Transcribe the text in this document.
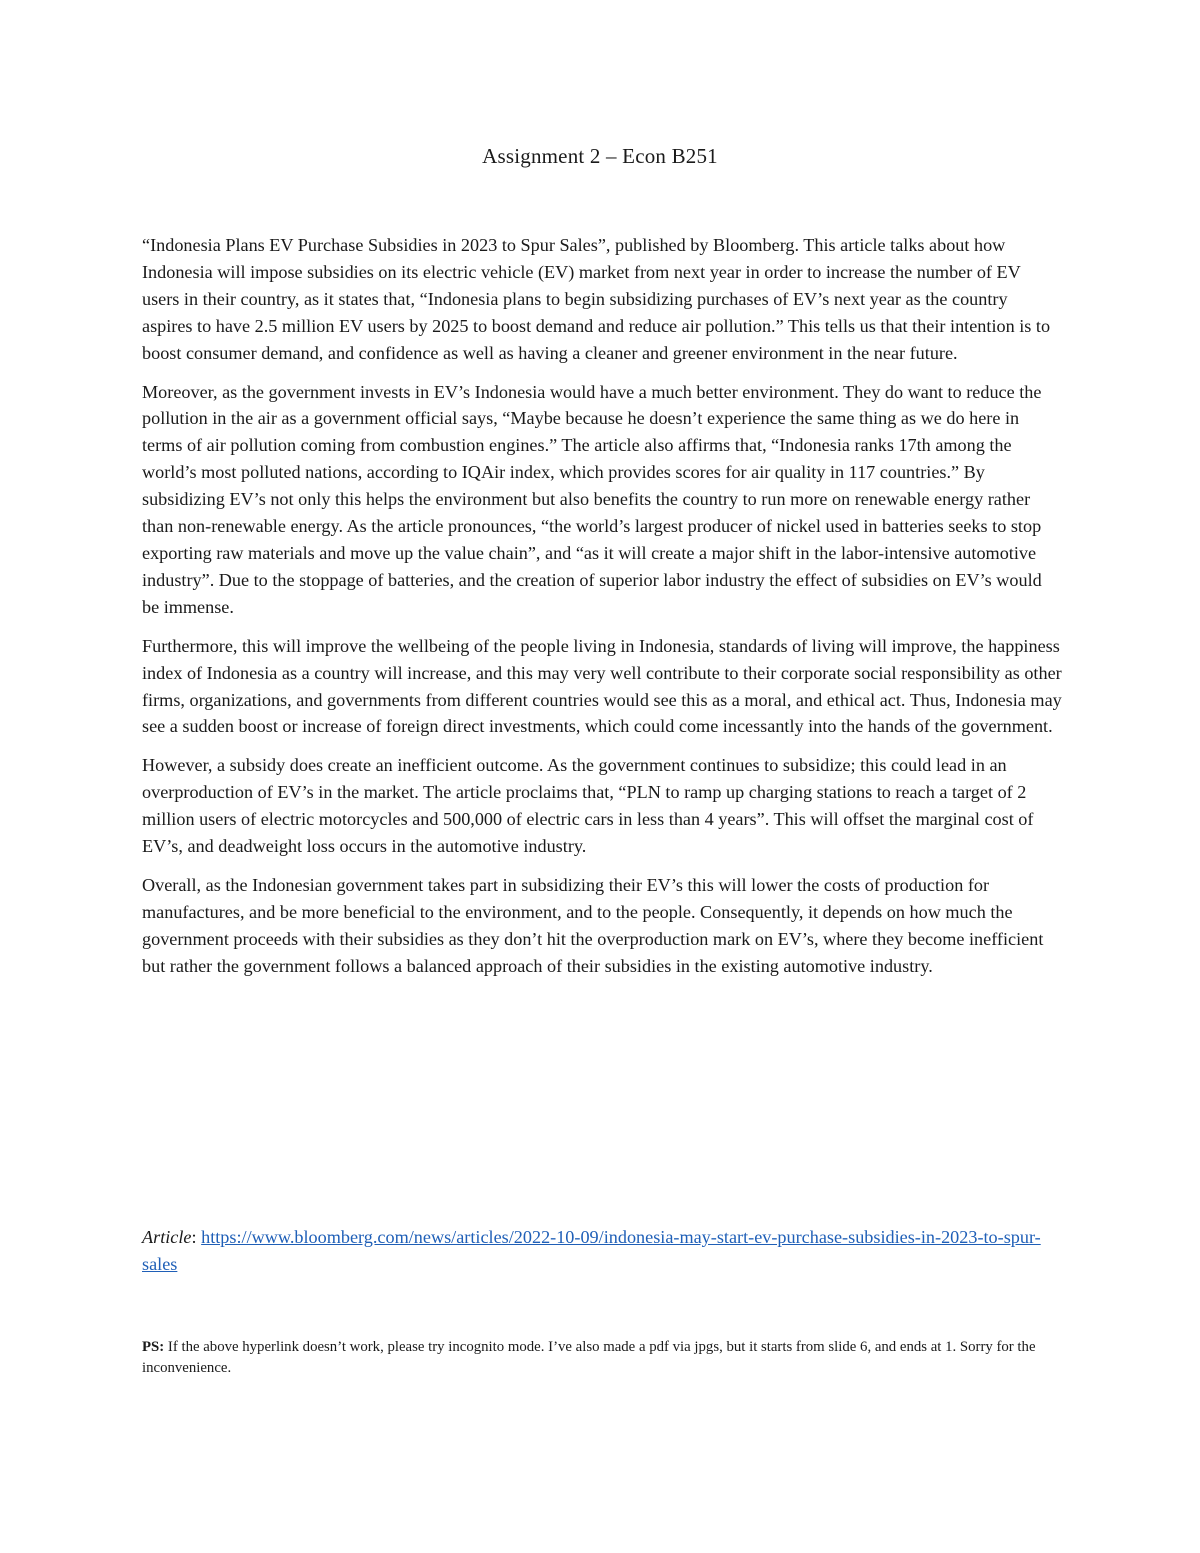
Assignment 2 – Econ B251

“Indonesia Plans EV Purchase Subsidies in 2023 to Spur Sales”, published by Bloomberg. This article talks about how Indonesia will impose subsidies on its electric vehicle (EV) market from next year in order to increase the number of EV users in their country, as it states that, “Indonesia plans to begin subsidizing purchases of EV’s next year as the country aspires to have 2.5 million EV users by 2025 to boost demand and reduce air pollution.” This tells us that their intention is to boost consumer demand, and confidence as well as having a cleaner and greener environment in the near future.

Moreover, as the government invests in EV’s Indonesia would have a much better environment. They do want to reduce the pollution in the air as a government official says, “Maybe because he doesn’t experience the same thing as we do here in terms of air pollution coming from combustion engines.” The article also affirms that, “Indonesia ranks 17th among the world’s most polluted nations, according to IQAir index, which provides scores for air quality in 117 countries.” By subsidizing EV’s not only this helps the environment but also benefits the country to run more on renewable energy rather than non-renewable energy. As the article pronounces, “the world’s largest producer of nickel used in batteries seeks to stop exporting raw materials and move up the value chain”, and “as it will create a major shift in the labor-intensive automotive industry”. Due to the stoppage of batteries, and the creation of superior labor industry the effect of subsidies on EV’s would be immense.

Furthermore, this will improve the wellbeing of the people living in Indonesia, standards of living will improve, the happiness index of Indonesia as a country will increase, and this may very well contribute to their corporate social responsibility as other firms, organizations, and governments from different countries would see this as a moral, and ethical act. Thus, Indonesia may see a sudden boost or increase of foreign direct investments, which could come incessantly into the hands of the government.

However, a subsidy does create an inefficient outcome. As the government continues to subsidize; this could lead in an overproduction of EV’s in the market. The article proclaims that, “PLN to ramp up charging stations to reach a target of 2 million users of electric motorcycles and 500,000 of electric cars in less than 4 years”. This will offset the marginal cost of EV’s, and deadweight loss occurs in the automotive industry.

Overall, as the Indonesian government takes part in subsidizing their EV’s this will lower the costs of production for manufactures, and be more beneficial to the environment, and to the people. Consequently, it depends on how much the government proceeds with their subsidies as they don’t hit the overproduction mark on EV’s, where they become inefficient but rather the government follows a balanced approach of their subsidies in the existing automotive industry.

Article: https://www.bloomberg.com/news/articles/2022-10-09/indonesia-may-start-ev-purchase-subsidies-in-2023-to-spur-sales
PS: If the above hyperlink doesn’t work, please try incognito mode. I’ve also made a pdf via jpgs, but it starts from slide 6, and ends at 1. Sorry for the inconvenience.
